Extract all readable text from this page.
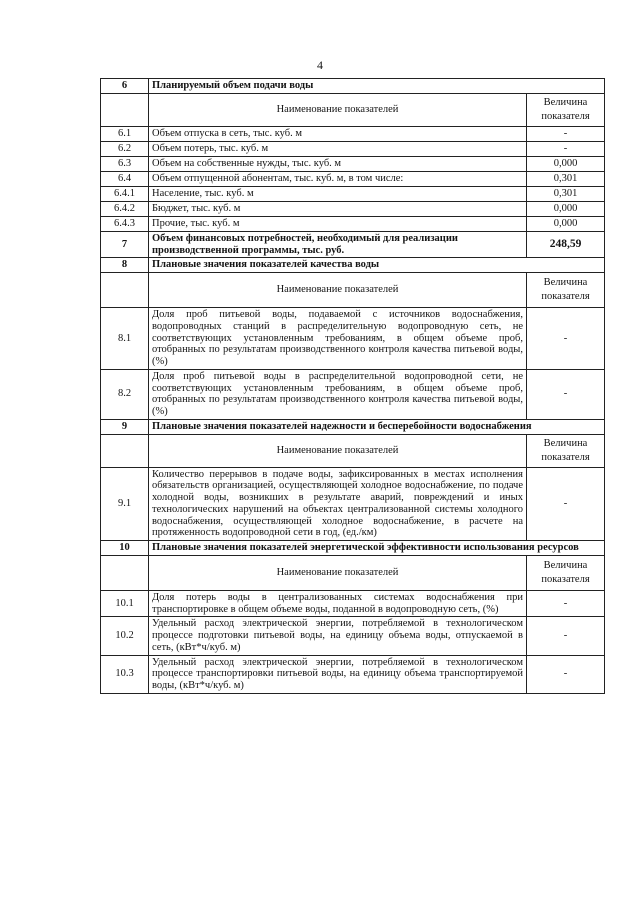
4
6	Планируемый объем подачи воды	
	Наименование показателей	Величина показателя
6.1	Объем отпуска в сеть, тыс. куб. м	-
6.2	Объем потерь, тыс. куб. м	-
6.3	Объем на собственные нужды, тыс. куб. м	0,000
6.4	Объем отпущенной абонентам, тыс. куб. м, в том числе:	0,301
6.4.1	Население, тыс. куб. м	0,301
6.4.2	Бюджет, тыс. куб. м	0,000
6.4.3	Прочие, тыс. куб. м	0,000
7	Объем финансовых потребностей, необходимый для реализации производственной программы, тыс. руб.	248,59
8	Плановые значения показателей качества воды	
	Наименование показателей	Величина показателя
8.1	Доля проб питьевой воды, подаваемой с источников водоснабжения, водопроводных станций в распределительную водопроводную сеть, не соответствующих установленным требованиям, в общем объеме проб, отобранных по результатам производственного контроля качества питьевой воды, (%)	-
8.2	Доля проб питьевой воды в распределительной водопроводной сети, не соответствующих установленным требованиям, в общем объеме проб, отобранных по результатам производственного контроля качества питьевой воды, (%)	-
9	Плановые значения показателей надежности и бесперебойности водоснабжения	
	Наименование показателей	Величина показателя
9.1	Количество перерывов в подаче воды, зафиксированных в местах исполнения обязательств организацией, осуществляющей холодное водоснабжение, по подаче холодной воды, возникших в результате аварий, повреждений и иных технологических нарушений на объектах централизованной системы холодного водоснабжения, осуществляющей холодное водоснабжение, в расчете на протяженность водопроводной сети в год, (ед./км)	-
10	Плановые значения показателей энергетической эффективности использования ресурсов	
	Наименование показателей	Величина показателя
10.1	Доля потерь воды в централизованных системах водоснабжения при транспортировке в общем объеме воды, поданной в водопроводную сеть, (%)	-
10.2	Удельный расход электрической энергии, потребляемой в технологическом процессе подготовки питьевой воды, на единицу объема воды, отпускаемой в сеть, (кВт*ч/куб. м)	-
10.3	Удельный расход электрической энергии, потребляемой в технологическом процессе транспортировки питьевой воды, на единицу объема транспортируемой воды, (кВт*ч/куб. м)	-
